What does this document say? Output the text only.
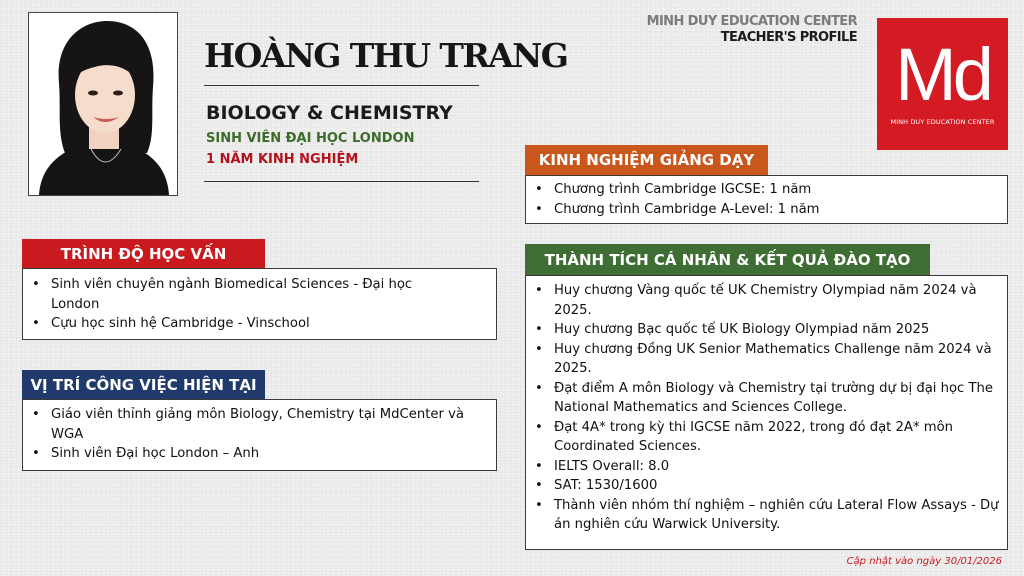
HOÀNG THU TRANG
BIOLOGY & CHEMISTRY
SINH VIÊN ĐẠI HỌC LONDON
1 NĂM KINH NGHIỆM
MINH DUY EDUCATION CENTER
TEACHER'S PROFILE Md
MINH DUY EDUCATION CENTER
TRÌNH ĐỘ HỌC VẤN
• Sinh viên chuyên ngành Biomedical Sciences - Đại học London
• Cựu học sinh hệ Cambridge - Vinschool
VỊ TRÍ CÔNG VIỆC HIỆN TẠI
• Giáo viên thỉnh giảng môn Biology, Chemistry tại MdCenter và WGA
• Sinh viên Đại học London – Anh
KINH NGHIỆM GIẢNG DẠY
• Chương trình Cambridge IGCSE: 1 năm
• Chương trình Cambridge A-Level: 1 năm
THÀNH TÍCH CÁ NHÂN & KẾT QUẢ ĐÀO TẠO
• Huy chương Vàng quốc tế UK Chemistry Olympiad năm 2024 và 2025.
• Huy chương Bạc quốc tế UK Biology Olympiad năm 2025
• Huy chương Đồng UK Senior Mathematics Challenge năm 2024 và 2025.
• Đạt điểm A môn Biology và Chemistry tại trường dự bị đại học The National Mathematics and Sciences College.
• Đạt 4A* trong kỳ thi IGCSE năm 2022, trong đó đạt 2A* môn Coordinated Sciences.
• IELTS Overall: 8.0
• SAT: 1530/1600
• Thành viên nhóm thí nghiệm – nghiên cứu Lateral Flow Assays - Dự án nghiên cứu Warwick University.
Cập nhật vào ngày 30/01/2026
